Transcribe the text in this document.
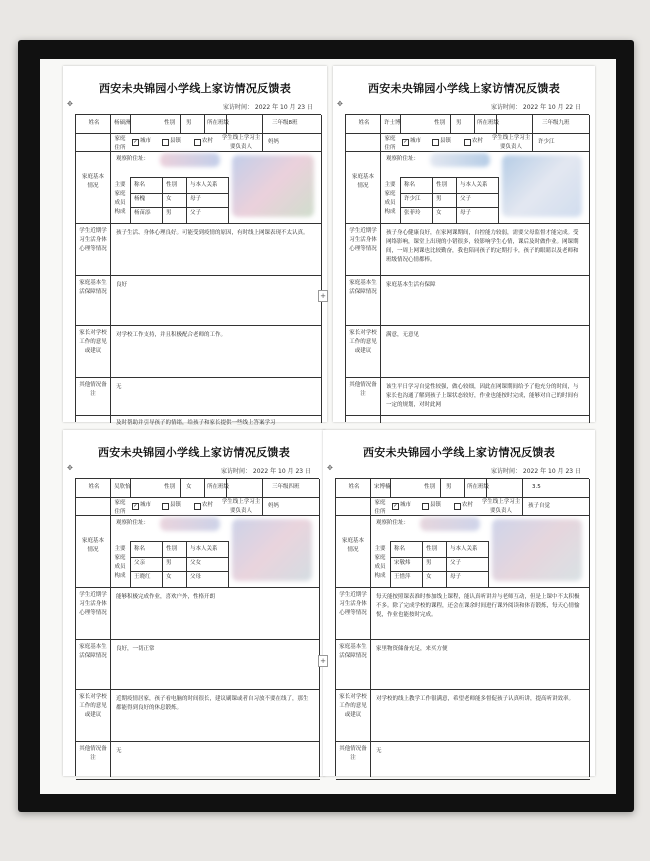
西安未央锦园小学线上家访情况反馈表
家访时间： 2022 年 10 月 23 日
姓名	杨硕洲	性别 男	所在班级	三年级8班
家庭住所
✓ 城市	县镇	农村	学生线上学习主要负责人
妈妈
观察阶住址：
家庭基本情况	主要家庭成员构成
称名	性别 与本人关系
杨槐	女	母子
杨苗添	男	父子
学生近期学习生活身体心理等情况
孩子生活、身体心理良好。可能受到疫情的原因，有时线上网课表现不太认真。
家庭基本生活保障情况
良好
家长对学校工作的意见或建议
对学校工作支持，并且积极配合老师的工作。
其他情况备注
无
及时帮助并引导孩子的情绪，给孩子和家长提供一些线上答案学习
✥
西安未央锦园小学线上家访情况反馈表
家访时间： 2022 年 10 月 22 日
姓名	许士博	性别 男	所在班级	三年级九班
家庭住所
✓ 城市	县镇	农村	学生线上学习主要负责人
许少江
观察阶住址：
家庭基本情况	主要家庭成员构成
称名	性别 与本人关系
许少江	男	父子
张菲玲	女	母子
学生近期学习生活身体心理等情况
孩子身心健康良好，在家网课期间，自控能力较弱，需要父母监督才能完成。受网络影响，课堂上出现的小错很多，较影响学生心情，课后及时做作业。网课期间，一周上网课也比较勤奋，我也陪同孩子的定期打卡，孩子的眼睛以及老师和班级情况心情都棒。
家庭基本生活保障情况
家庭基本生活有保障
家长对学校工作的意见或建议
满意，无意见
其他情况备注
该生平日学习自觉性较强，做心较细，因此在网课期间给予了他充分的时间，与家长也沟通了解到孩子上课状态较好，作业也能按时完成，能够对自己的时间有一定的规划，对时此网
✥
西安未央锦园小学线上家访情况反馈表
家访时间： 2022 年 10 月 23 日
姓名	吴欣怡	性别 女	所在班级	三年级四班
家庭住所
✓ 城市	县镇	农村	学生线上学习主要负责人
妈妈
观察阶住址：
家庭基本情况	主要家庭成员构成
称名	性别 与本人关系
父亲	男	父女
王晓红	女	父母
学生近期学习生活身体心理等情况
能够积极完成作业，喜欢户外，性格开朗
家庭基本生活保障情况
良好，一切正常
家长对学校工作的意见或建议
近期疫情居家，孩子看电脑的时间很长，建议刷课或者自习放不要在线了，那生都能得到良好的休息锻炼。
其他情况备注
无
✥
西安未央锦园小学线上家访情况反馈表
家访时间： 2022 年 10 月 23 日
姓名	宋博楠	性别 男	所在班级	3.5
家庭住所
✓ 城市	县镇	农村	学生线上学习主要负责人
孩子自觉
观察阶住址：
家庭基本情况	主要家庭成员构成
称名	性别 与本人关系
宋敬炜	男	父子
王惜萍	女	母子
学生近期学习生活身体心理等情况
每天能按照课表准时参加线上课程，能认真听讲并与老师互动，但是上课中不太积极不多。除了完成学校的课程，还会在课余时间进行课外阅读和体育锻炼，每天心情愉悦，作业也能按时完成。
家庭基本生活保障情况
家里物资储备充足，来买方便
家长对学校工作的意见或建议
对学校的线上教学工作很满意，希望老师能多督促孩子认真听讲，提高听讲效率。
其他情况备注
无
✥
+
+
